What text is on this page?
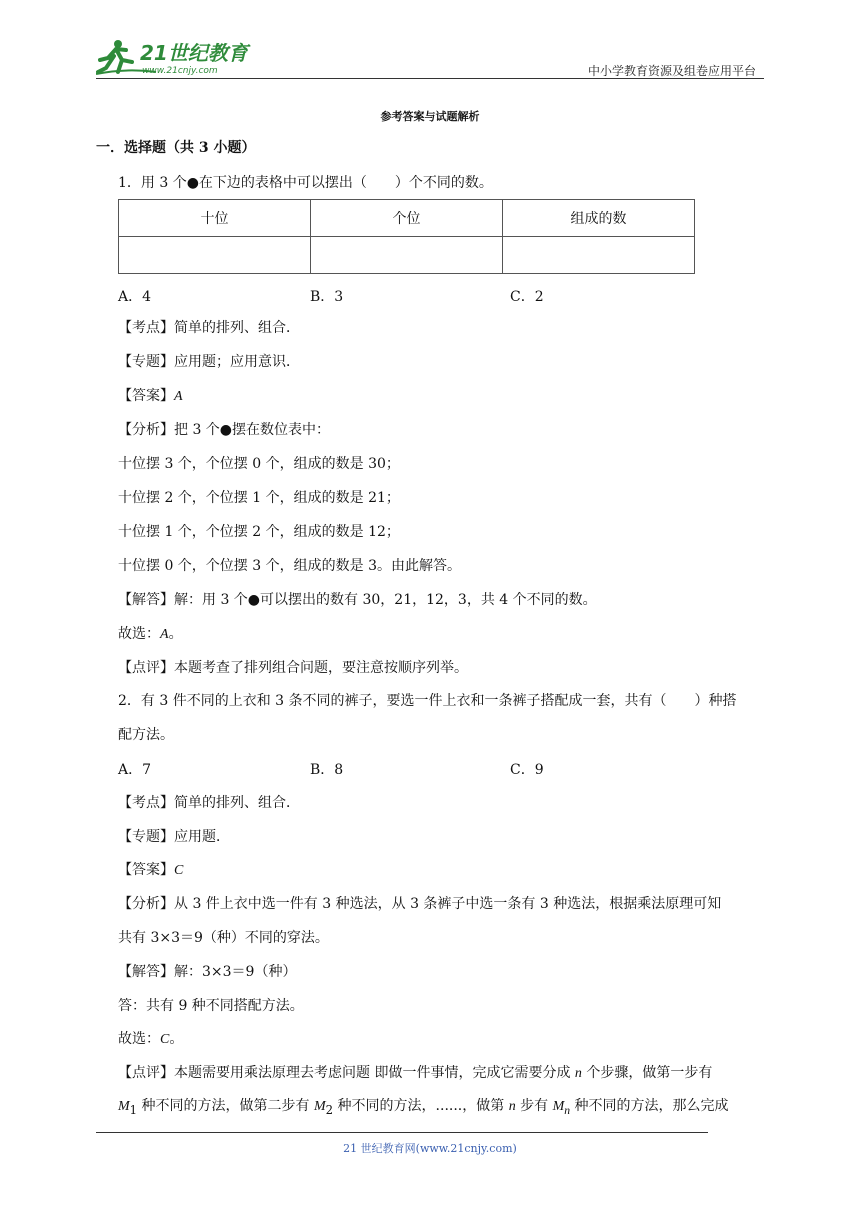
21世纪教育
www.21cnjy.com	中小学教育资源及组卷应用平台
参考答案与试题解析
一．选择题（共 3 小题）
1．用 3 个●在下边的表格中可以摆出（　　）个不同的数。
十位	个位	组成的数

A．4	B．3	C．2
【考点】简单的排列、组合．
【专题】应用题；应用意识．
【答案】A
【分析】把 3 个●摆在数位表中：
十位摆 3 个，个位摆 0 个，组成的数是 30；
十位摆 2 个，个位摆 1 个，组成的数是 21；
十位摆 1 个，个位摆 2 个，组成的数是 12；
十位摆 0 个，个位摆 3 个，组成的数是 3。由此解答。
【解答】解：用 3 个●可以摆出的数有 30，21，12，3，共 4 个不同的数。
故选：A。
【点评】本题考查了排列组合问题，要注意按顺序列举。
2．有 3 件不同的上衣和 3 条不同的裤子，要选一件上衣和一条裤子搭配成一套，共有（　　）种搭
配方法。
A．7	B．8	C．9
【考点】简单的排列、组合．
【专题】应用题．
【答案】C
【分析】从 3 件上衣中选一件有 3 种选法，从 3 条裤子中选一条有 3 种选法，根据乘法原理可知
共有 3×3＝9（种）不同的穿法。
【解答】解：3×3＝9（种）
答：共有 9 种不同搭配方法。
故选：C。
【点评】本题需要用乘法原理去考虑问题 即做一件事情，完成它需要分成 n 个步骤，做第一步有
$M_1$ 种不同的方法，做第二步有 $M_2$ 种不同的方法，......，做第 n 步有 $M_n$ 种不同的方法，那么完成
21 世纪教育网(www.21cnjy.com)
